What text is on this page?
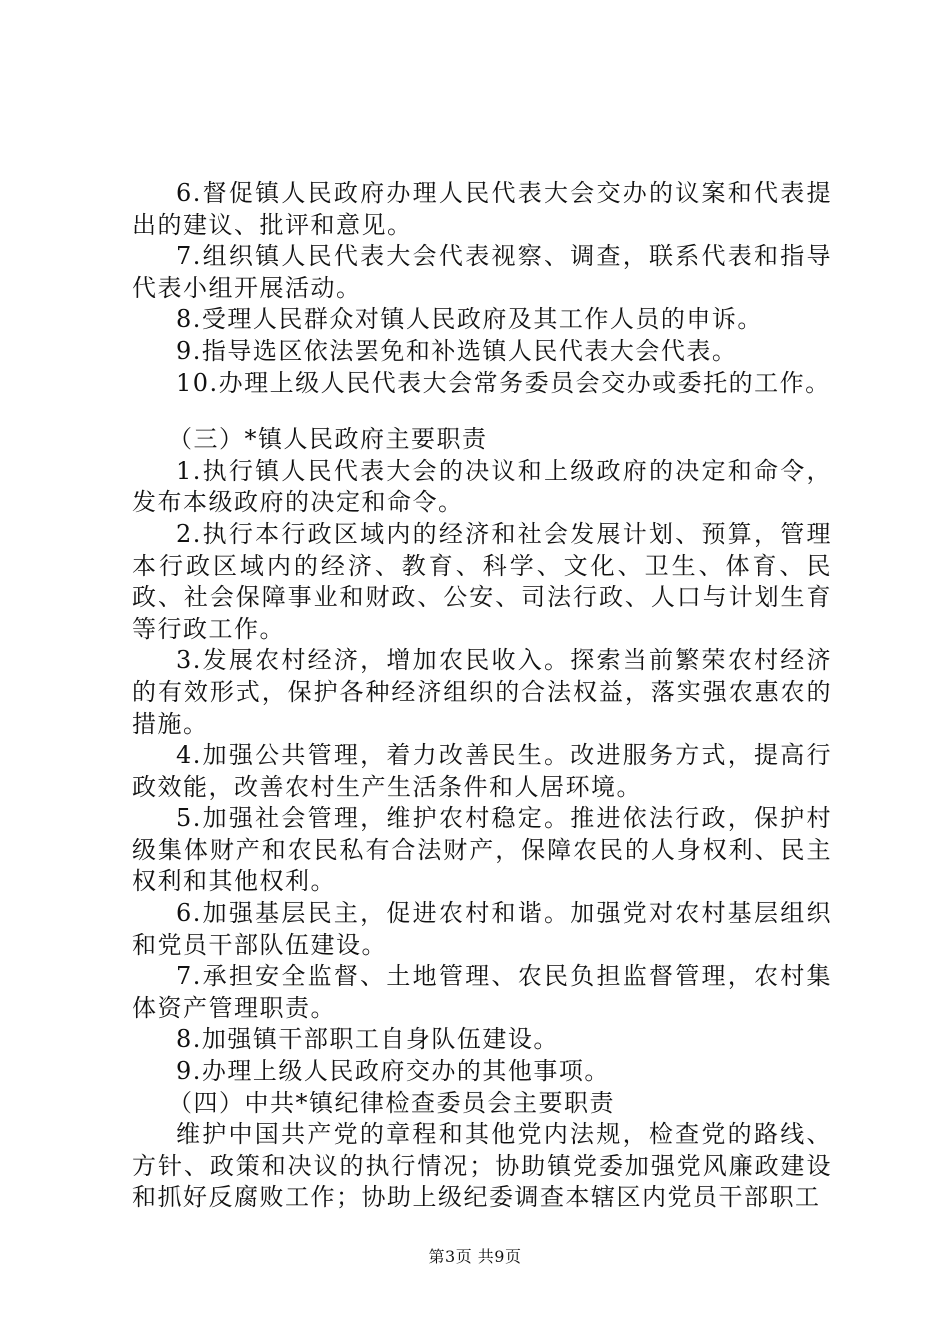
6.督促镇人民政府办理人民代表大会交办的议案和代表提出的建议、批评和意见。

7.组织镇人民代表大会代表视察、调查，联系代表和指导代表小组开展活动。

8.受理人民群众对镇人民政府及其工作人员的申诉。

9.指导选区依法罢免和补选镇人民代表大会代表。

10.办理上级人民代表大会常务委员会交办或委托的工作。

（三）*镇人民政府主要职责

1.执行镇人民代表大会的决议和上级政府的决定和命令，发布本级政府的决定和命令。

2.执行本行政区域内的经济和社会发展计划、预算，管理本行政区域内的经济、教育、科学、文化、卫生、体育、民政、社会保障事业和财政、公安、司法行政、人口与计划生育等行政工作。

3.发展农村经济，增加农民收入。探索当前繁荣农村经济的有效形式，保护各种经济组织的合法权益，落实强农惠农的措施。

4.加强公共管理，着力改善民生。改进服务方式，提高行政效能，改善农村生产生活条件和人居环境。

5.加强社会管理，维护农村稳定。推进依法行政，保护村级集体财产和农民私有合法财产，保障农民的人身权利、民主权利和其他权利。

6.加强基层民主，促进农村和谐。加强党对农村基层组织和党员干部队伍建设。

7.承担安全监督、土地管理、农民负担监督管理，农村集体资产管理职责。

8.加强镇干部职工自身队伍建设。

9.办理上级人民政府交办的其他事项。

（四）中共*镇纪律检查委员会主要职责

维护中国共产党的章程和其他党内法规，检查党的路线、方针、政策和决议的执行情况；协助镇党委加强党风廉政建设和抓好反腐败工作；协助上级纪委调查本辖区内党员干部职工

第3页 共9页
